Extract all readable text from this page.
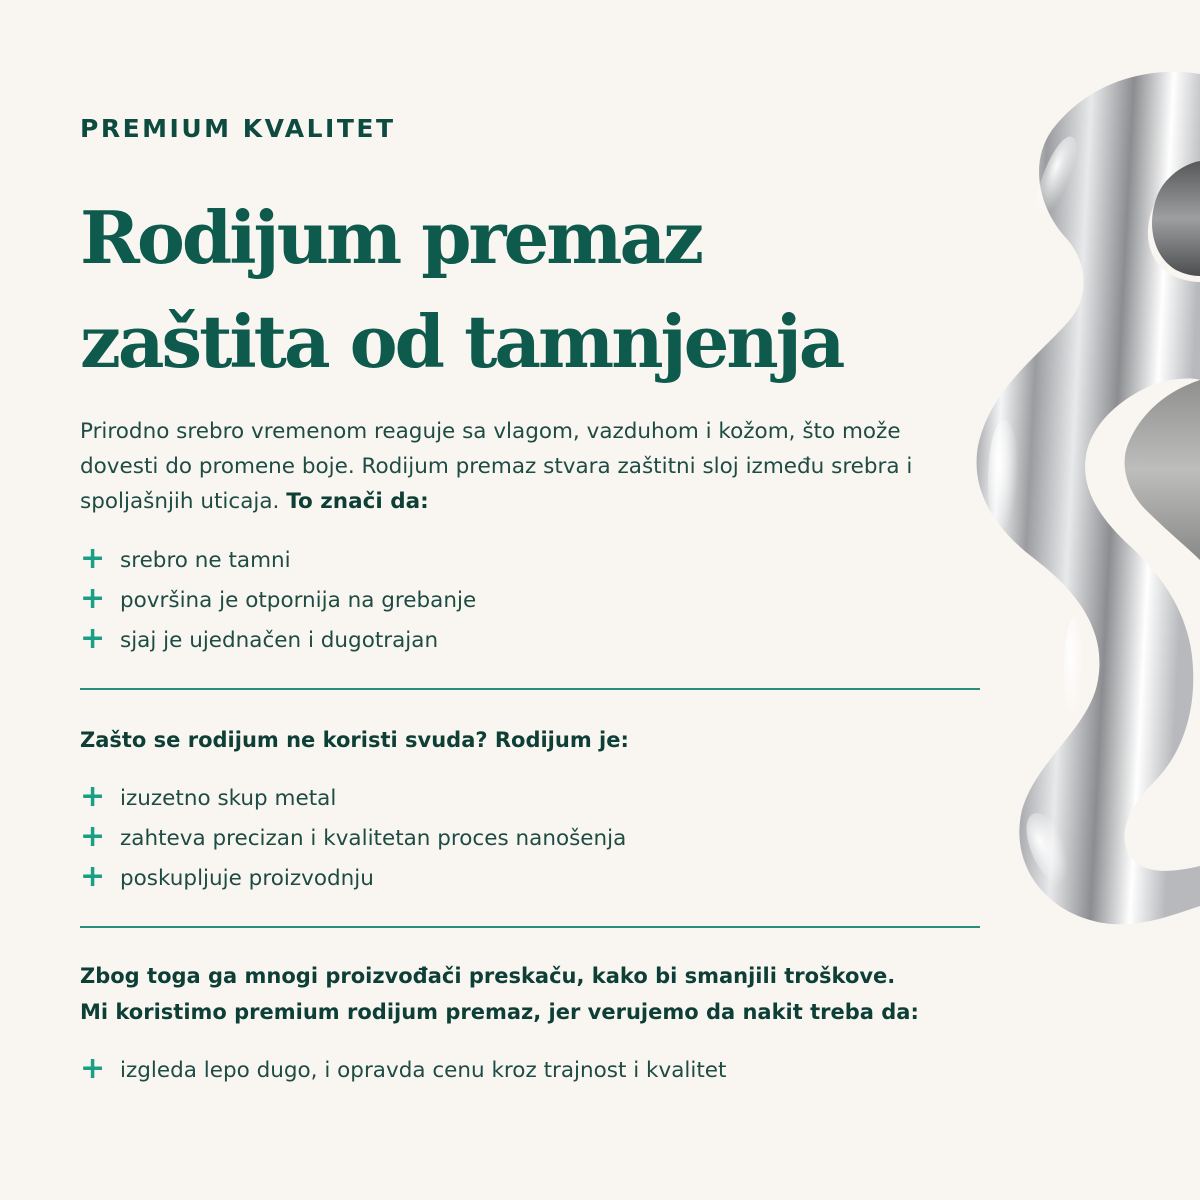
PREMIUM KVALITET
Rodijum premaz
zaštita od tamnjenja

Prirodno srebro vremenom reaguje sa vlagom, vazduhom i kožom, što može dovesti do promene boje. Rodijum premaz stvara zaštitni sloj između srebra i spoljašnjih uticaja. To znači da:

+ srebro ne tamni
+ površina je otpornija na grebanje
+ sjaj je ujednačen i dugotrajan

Zašto se rodijum ne koristi svuda? Rodijum je:

+ izuzetno skup metal
+ zahteva precizan i kvalitetan proces nanošenja
+ poskupljuje proizvodnju

Zbog toga ga mnogi proizvođači preskaču, kako bi smanjili troškove.
Mi koristimo premium rodijum premaz, jer verujemo da nakit treba da:

+ izgleda lepo dugo, i opravda cenu kroz trajnost i kvalitet
